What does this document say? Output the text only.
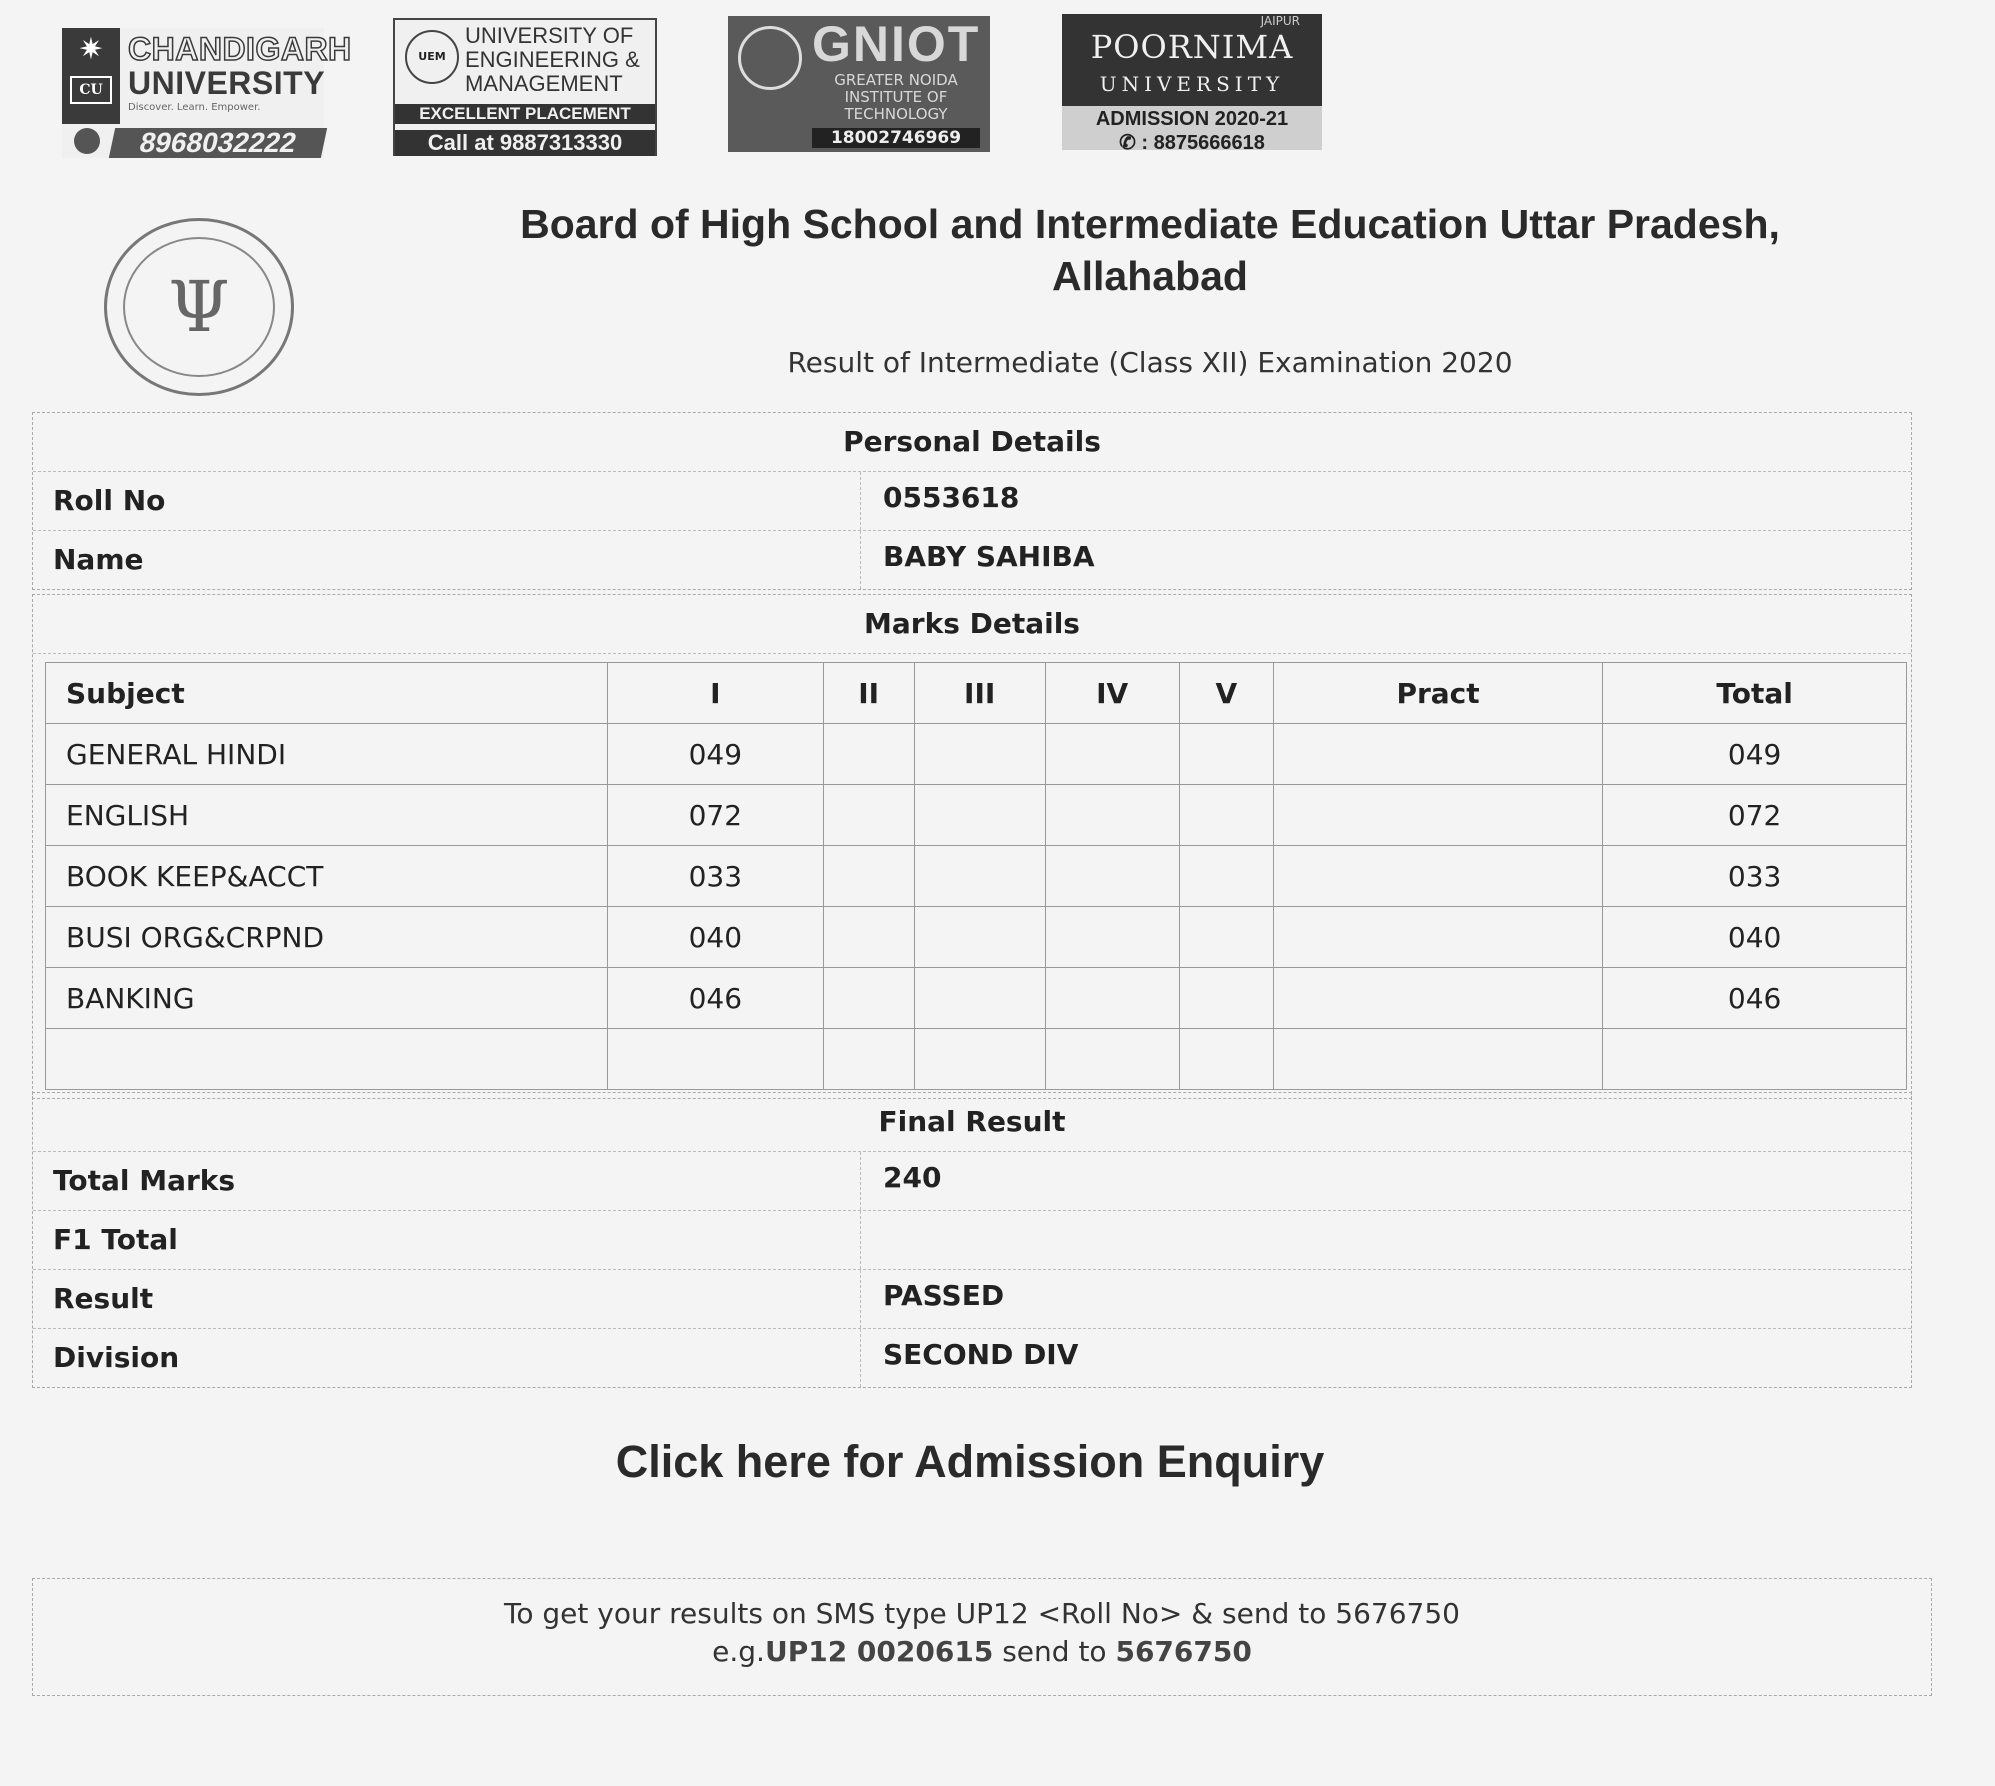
✷
CU
CHANDIGARH
UNIVERSITY
Discover. Learn. Empower.
8968032222
UEM
UNIVERSITY OF ENGINEERING & MANAGEMENT
EXCELLENT PLACEMENT
Call at 9887313330
GNIOT
GREATER NOIDA INSTITUTE OF TECHNOLOGY
18002746969
JAIPUR
POORNIMA
UNIVERSITY
ADMISSION 2020-21
✆ : 8875666618
Ψ
Board of High School and Intermediate Education Uttar Pradesh,
Allahabad
Result of Intermediate (Class XII) Examination 2020
Personal Details
Roll No	0553618
Name	BABY SAHIBA
Marks Details
Subject	I	II	III	IV	V	Pract	Total
GENERAL HINDI	049						049
ENGLISH	072						072
BOOK KEEP&ACCT	033						033
BUSI ORG&CRPND	040						040
BANKING	046						046

Final Result
Total Marks	240
F1 Total
Result	PASSED
Division	SECOND DIV
Click here for Admission Enquiry
To get your results on SMS type UP12 <Roll No> & send to 5676750
e.g.UP12 0020615 send to 5676750
